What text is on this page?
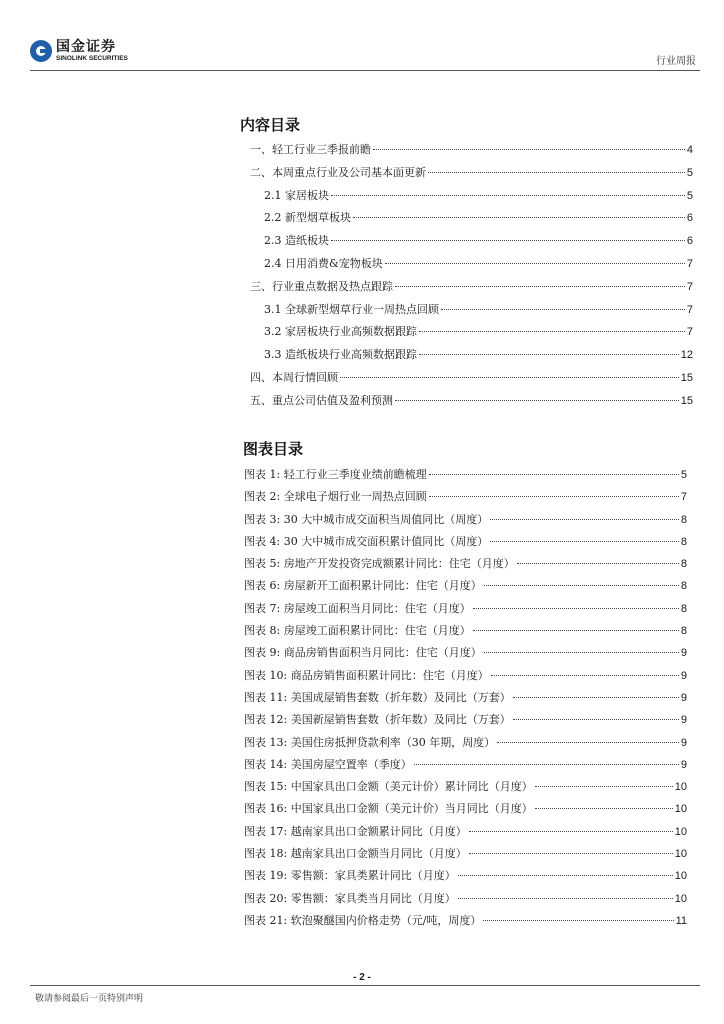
国金证券
SINOLINK SECURITIES	行业周报
内容目录
一、轻工行业三季报前瞻	4
二、本周重点行业及公司基本面更新	5
2.1 家居板块	5
2.2 新型烟草板块	6
2.3 造纸板块	6
2.4 日用消费&宠物板块	7
三、行业重点数据及热点跟踪	7
3.1 全球新型烟草行业一周热点回顾	7
3.2 家居板块行业高频数据跟踪	7
3.3 造纸板块行业高频数据跟踪	12
四、本周行情回顾	15
五、重点公司估值及盈利预测	15
图表目录
图表 1: 轻工行业三季度业绩前瞻梳理	5
图表 2: 全球电子烟行业一周热点回顾	7
图表 3: 30 大中城市成交面积当周值同比（周度）	8
图表 4: 30 大中城市成交面积累计值同比（周度）	8
图表 5: 房地产开发投资完成额累计同比：住宅（月度）	8
图表 6: 房屋新开工面积累计同比：住宅（月度）	8
图表 7: 房屋竣工面积当月同比：住宅（月度）	8
图表 8: 房屋竣工面积累计同比：住宅（月度）	8
图表 9: 商品房销售面积当月同比：住宅（月度）	9
图表 10: 商品房销售面积累计同比：住宅（月度）	9
图表 11: 美国成屋销售套数（折年数）及同比（万套）	9
图表 12: 美国新屋销售套数（折年数）及同比（万套）	9
图表 13: 美国住房抵押贷款利率（30 年期，周度）	9
图表 14: 美国房屋空置率（季度）	9
图表 15: 中国家具出口金额（美元计价）累计同比（月度）	10
图表 16: 中国家具出口金额（美元计价）当月同比（月度）	10
图表 17: 越南家具出口金额累计同比（月度）	10
图表 18: 越南家具出口金额当月同比（月度）	10
图表 19: 零售额：家具类累计同比（月度）	10
图表 20: 零售额：家具类当月同比（月度）	10
图表 21: 软泡聚醚国内价格走势（元/吨，周度）	11
- 2 -
敬请参阅最后一页特别声明
